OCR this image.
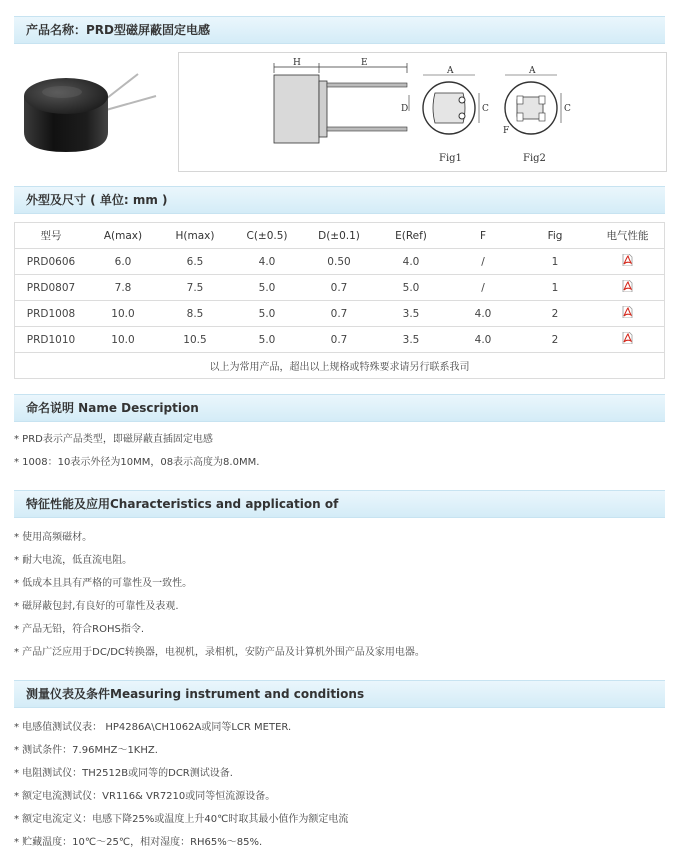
产品名称：PRD型磁屏蔽固定电感
H	E
D
A
C
Fig1
A
C
F
Fig2
外型及尺寸 ( 单位: mm )
型号	A(max)	H(max)	C(±0.5)	D(±0.1)	E(Ref)	F	Fig	电气性能
PRD0606	6.0	6.5	4.0	0.50	4.0	/	1	
PRD0807	7.8	7.5	5.0	0.7	5.0	/	1	
PRD1008	10.0	8.5	5.0	0.7	3.5	4.0	2	
PRD1010	10.0	10.5	5.0	0.7	3.5	4.0	2	
以上为常用产品，超出以上规格或特殊要求请另行联系我司								
命名说明 Name Description
* PRD表示产品类型，即磁屏蔽直插固定电感
* 1008：10表示外径为10MM，08表示高度为8.0MM.
特征性能及应用Characteristics and application of
* 使用高频磁材。
* 耐大电流，低直流电阻。
* 低成本且具有严格的可靠性及一致性。
* 磁屏蔽包封,有良好的可靠性及表观.
* 产品无铅，符合ROHS指令.
* 产品广泛应用于DC/DC转换器，电视机，录相机，安防产品及计算机外围产品及家用电器。
测量仪表及条件Measuring instrument and conditions
* 电感值测试仪表： HP4286A\CH1062A或同等LCR METER.
* 测试条件：7.96MHZ～1KHZ.
* 电阻测试仪：TH2512B或同等的DCR测试设备.
* 额定电流测试仪：VR116& VR7210或同等恒流源设备。
* 额定电流定义：电感下降25%或温度上升40℃时取其最小值作为额定电流
* 贮藏温度：10℃～25℃，相对湿度：RH65%～85%.
